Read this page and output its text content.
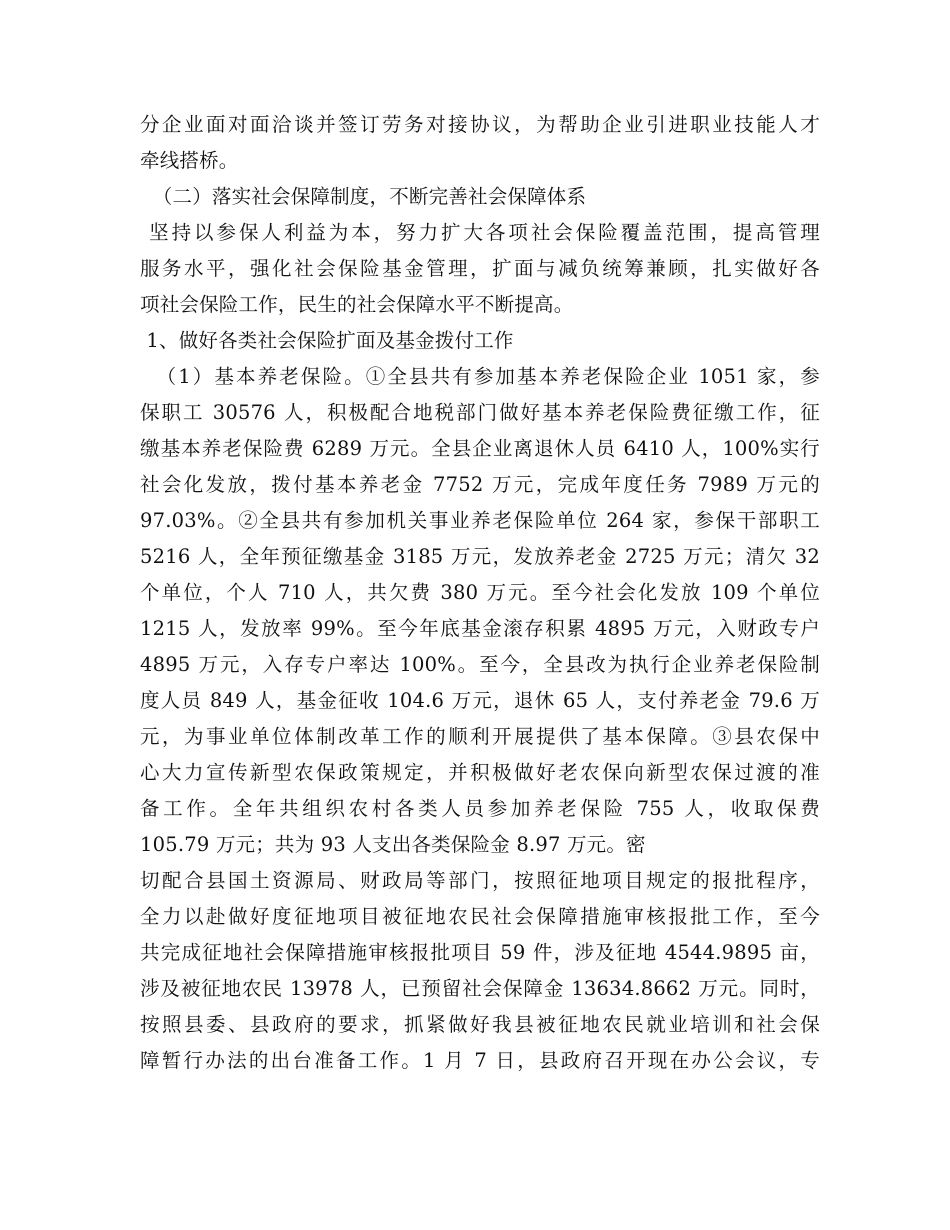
分企业面对面洽谈并签订劳务对接协议，为帮助企业引进职业技能人才
牵线搭桥。
（二）落实社会保障制度，不断完善社会保障体系
坚持以参保人利益为本，努力扩大各项社会保险覆盖范围，提高管理
服务水平，强化社会保险基金管理，扩面与减负统筹兼顾，扎实做好各
项社会保险工作，民生的社会保障水平不断提高。
1、做好各类社会保险扩面及基金拨付工作
（1）基本养老保险。①全县共有参加基本养老保险企业 1051 家，参
保职工 30576 人，积极配合地税部门做好基本养老保险费征缴工作，征
缴基本养老保险费 6289 万元。全县企业离退休人员 6410 人，100%实行
社会化发放，拨付基本养老金 7752 万元，完成年度任务 7989 万元的
97.03%。②全县共有参加机关事业养老保险单位 264 家，参保干部职工
5216 人，全年预征缴基金 3185 万元，发放养老金 2725 万元；清欠 32
个单位，个人 710 人，共欠费 380 万元。至今社会化发放 109 个单位
1215 人，发放率 99%。至今年底基金滚存积累 4895 万元，入财政专户
4895 万元，入存专户率达 100%。至今，全县改为执行企业养老保险制
度人员 849 人，基金征收 104.6 万元，退休 65 人，支付养老金 79.6 万
元，为事业单位体制改革工作的顺利开展提供了基本保障。③县农保中
心大力宣传新型农保政策规定，并积极做好老农保向新型农保过渡的准
备工作。全年共组织农村各类人员参加养老保险 755 人，收取保费
105.79 万元；共为 93 人支出各类保险金 8.97 万元。密
切配合县国土资源局、财政局等部门，按照征地项目规定的报批程序，
全力以赴做好度征地项目被征地农民社会保障措施审核报批工作，至今
共完成征地社会保障措施审核报批项目 59 件，涉及征地 4544.9895 亩，
涉及被征地农民 13978 人，已预留社会保障金 13634.8662 万元。同时，
按照县委、县政府的要求，抓紧做好我县被征地农民就业培训和社会保
障暂行办法的出台准备工作。1 月 7 日，县政府召开现在办公会议，专
